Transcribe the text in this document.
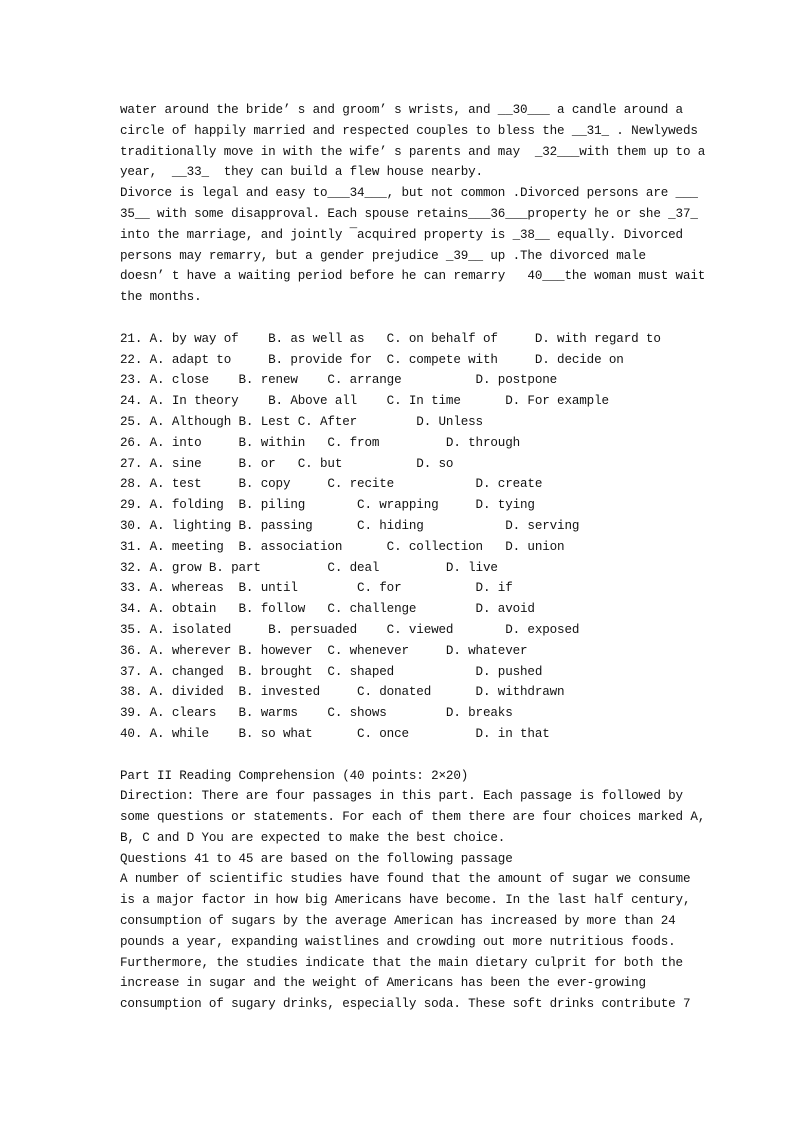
water around the bride’ s and groom’ s wrists, and __30___ a candle around a
circle of happily married and respected couples to bless the __31_ . Newlyweds
traditionally move in with the wife’ s parents and may  _32___with them up to a
year,  __33_  they can build a flew house nearby.
Divorce is legal and easy to___34___, but not common .Divorced persons are ___
35__ with some disapproval. Each spouse retains___36___property he or she _37_
into the marriage, and jointly ¯acquired property is _38__ equally. Divorced
persons may remarry, but a gender prejudice _39__ up .The divorced male
doesn’ t have a waiting period before he can remarry   40___the woman must wait
the months.
21. A. by way of    B. as well as   C. on behalf of     D. with regard to
22. A. adapt to     B. provide for  C. compete with     D. decide on
23. A. close    B. renew    C. arrange          D. postpone
24. A. In theory    B. Above all    C. In time      D. For example
25. A. Although B. Lest C. After        D. Unless
26. A. into     B. within   C. from         D. through
27. A. sine     B. or   C. but          D. so
28. A. test     B. copy     C. recite           D. create
29. A. folding  B. piling       C. wrapping     D. tying
30. A. lighting B. passing      C. hiding           D. serving
31. A. meeting  B. association      C. collection   D. union
32. A. grow B. part         C. deal         D. live
33. A. whereas  B. until        C. for          D. if
34. A. obtain   B. follow   C. challenge        D. avoid
35. A. isolated     B. persuaded    C. viewed       D. exposed
36. A. wherever B. however  C. whenever     D. whatever
37. A. changed  B. brought  C. shaped           D. pushed
38. A. divided  B. invested     C. donated      D. withdrawn
39. A. clears   B. warms    C. shows        D. breaks
40. A. while    B. so what      C. once         D. in that
Part II Reading Comprehension (40 points: 2×20)
Direction: There are four passages in this part. Each passage is followed by
some questions or statements. For each of them there are four choices marked A,
B, C and D You are expected to make the best choice.
Questions 41 to 45 are based on the following passage
A number of scientific studies have found that the amount of sugar we consume
is a major factor in how big Americans have become. In the last half century,
consumption of sugars by the average American has increased by more than 24
pounds a year, expanding waistlines and crowding out more nutritious foods.
Furthermore, the studies indicate that the main dietary culprit for both the
increase in sugar and the weight of Americans has been the ever-growing
consumption of sugary drinks, especially soda. These soft drinks contribute 7
